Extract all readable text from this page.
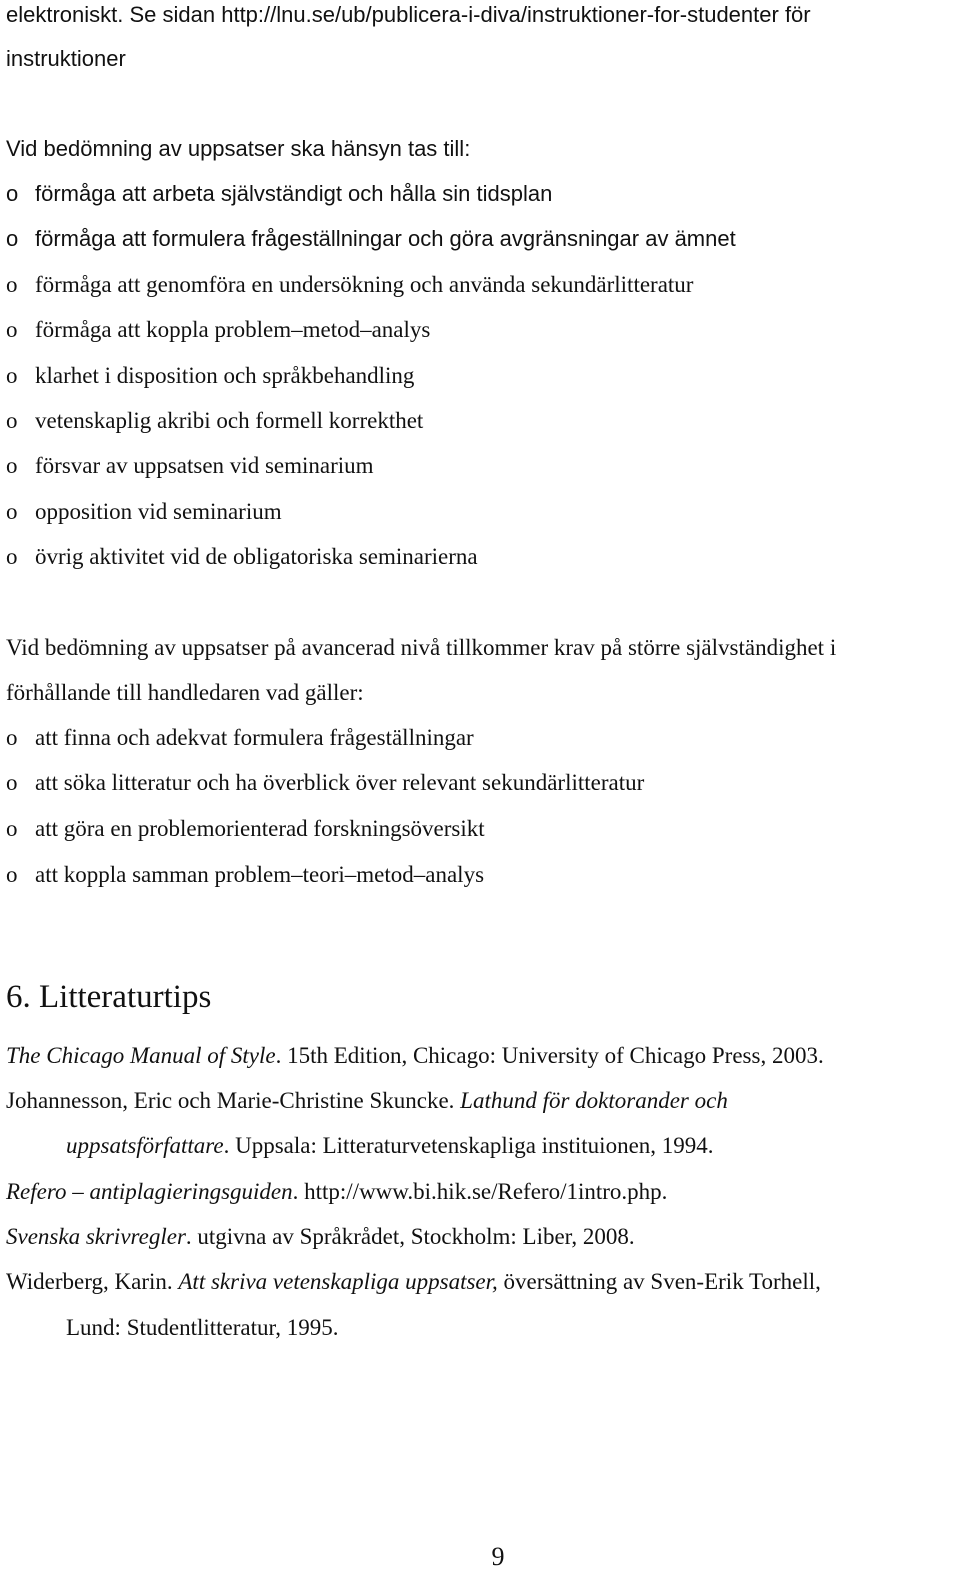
elektroniskt. Se sidan http://lnu.se/ub/publicera-i-diva/instruktioner-for-studenter för
instruktioner
Vid bedömning av uppsatser ska hänsyn tas till:
o förmåga att arbeta självständigt och hålla sin tidsplan
o förmåga att formulera frågeställningar och göra avgränsningar av ämnet
o förmåga att genomföra en undersökning och använda sekundärlitteratur
o förmåga att koppla problem–metod–analys
o klarhet i disposition och språkbehandling
o vetenskaplig akribi och formell korrekthet
o försvar av uppsatsen vid seminarium
o opposition vid seminarium
o övrig aktivitet vid de obligatoriska seminarierna
Vid bedömning av uppsatser på avancerad nivå tillkommer krav på större självständighet i
förhållande till handledaren vad gäller:
o att finna och adekvat formulera frågeställningar
o att söka litteratur och ha överblick över relevant sekundärlitteratur
o att göra en problemorienterad forskningsöversikt
o att koppla samman problem–teori–metod–analys
6. Litteraturtips
The Chicago Manual of Style. 15th Edition, Chicago: University of Chicago Press, 2003.
Johannesson, Eric och Marie-Christine Skuncke. Lathund för doktorander och
uppsatsförfattare. Uppsala: Litteraturvetenskapliga instituionen, 1994.
Refero – antiplagieringsguiden. http://www.bi.hik.se/Refero/1intro.php.
Svenska skrivregler. utgivna av Språkrådet, Stockholm: Liber, 2008.
Widerberg, Karin. Att skriva vetenskapliga uppsatser, översättning av Sven-Erik Torhell,
Lund: Studentlitteratur, 1995.
9
